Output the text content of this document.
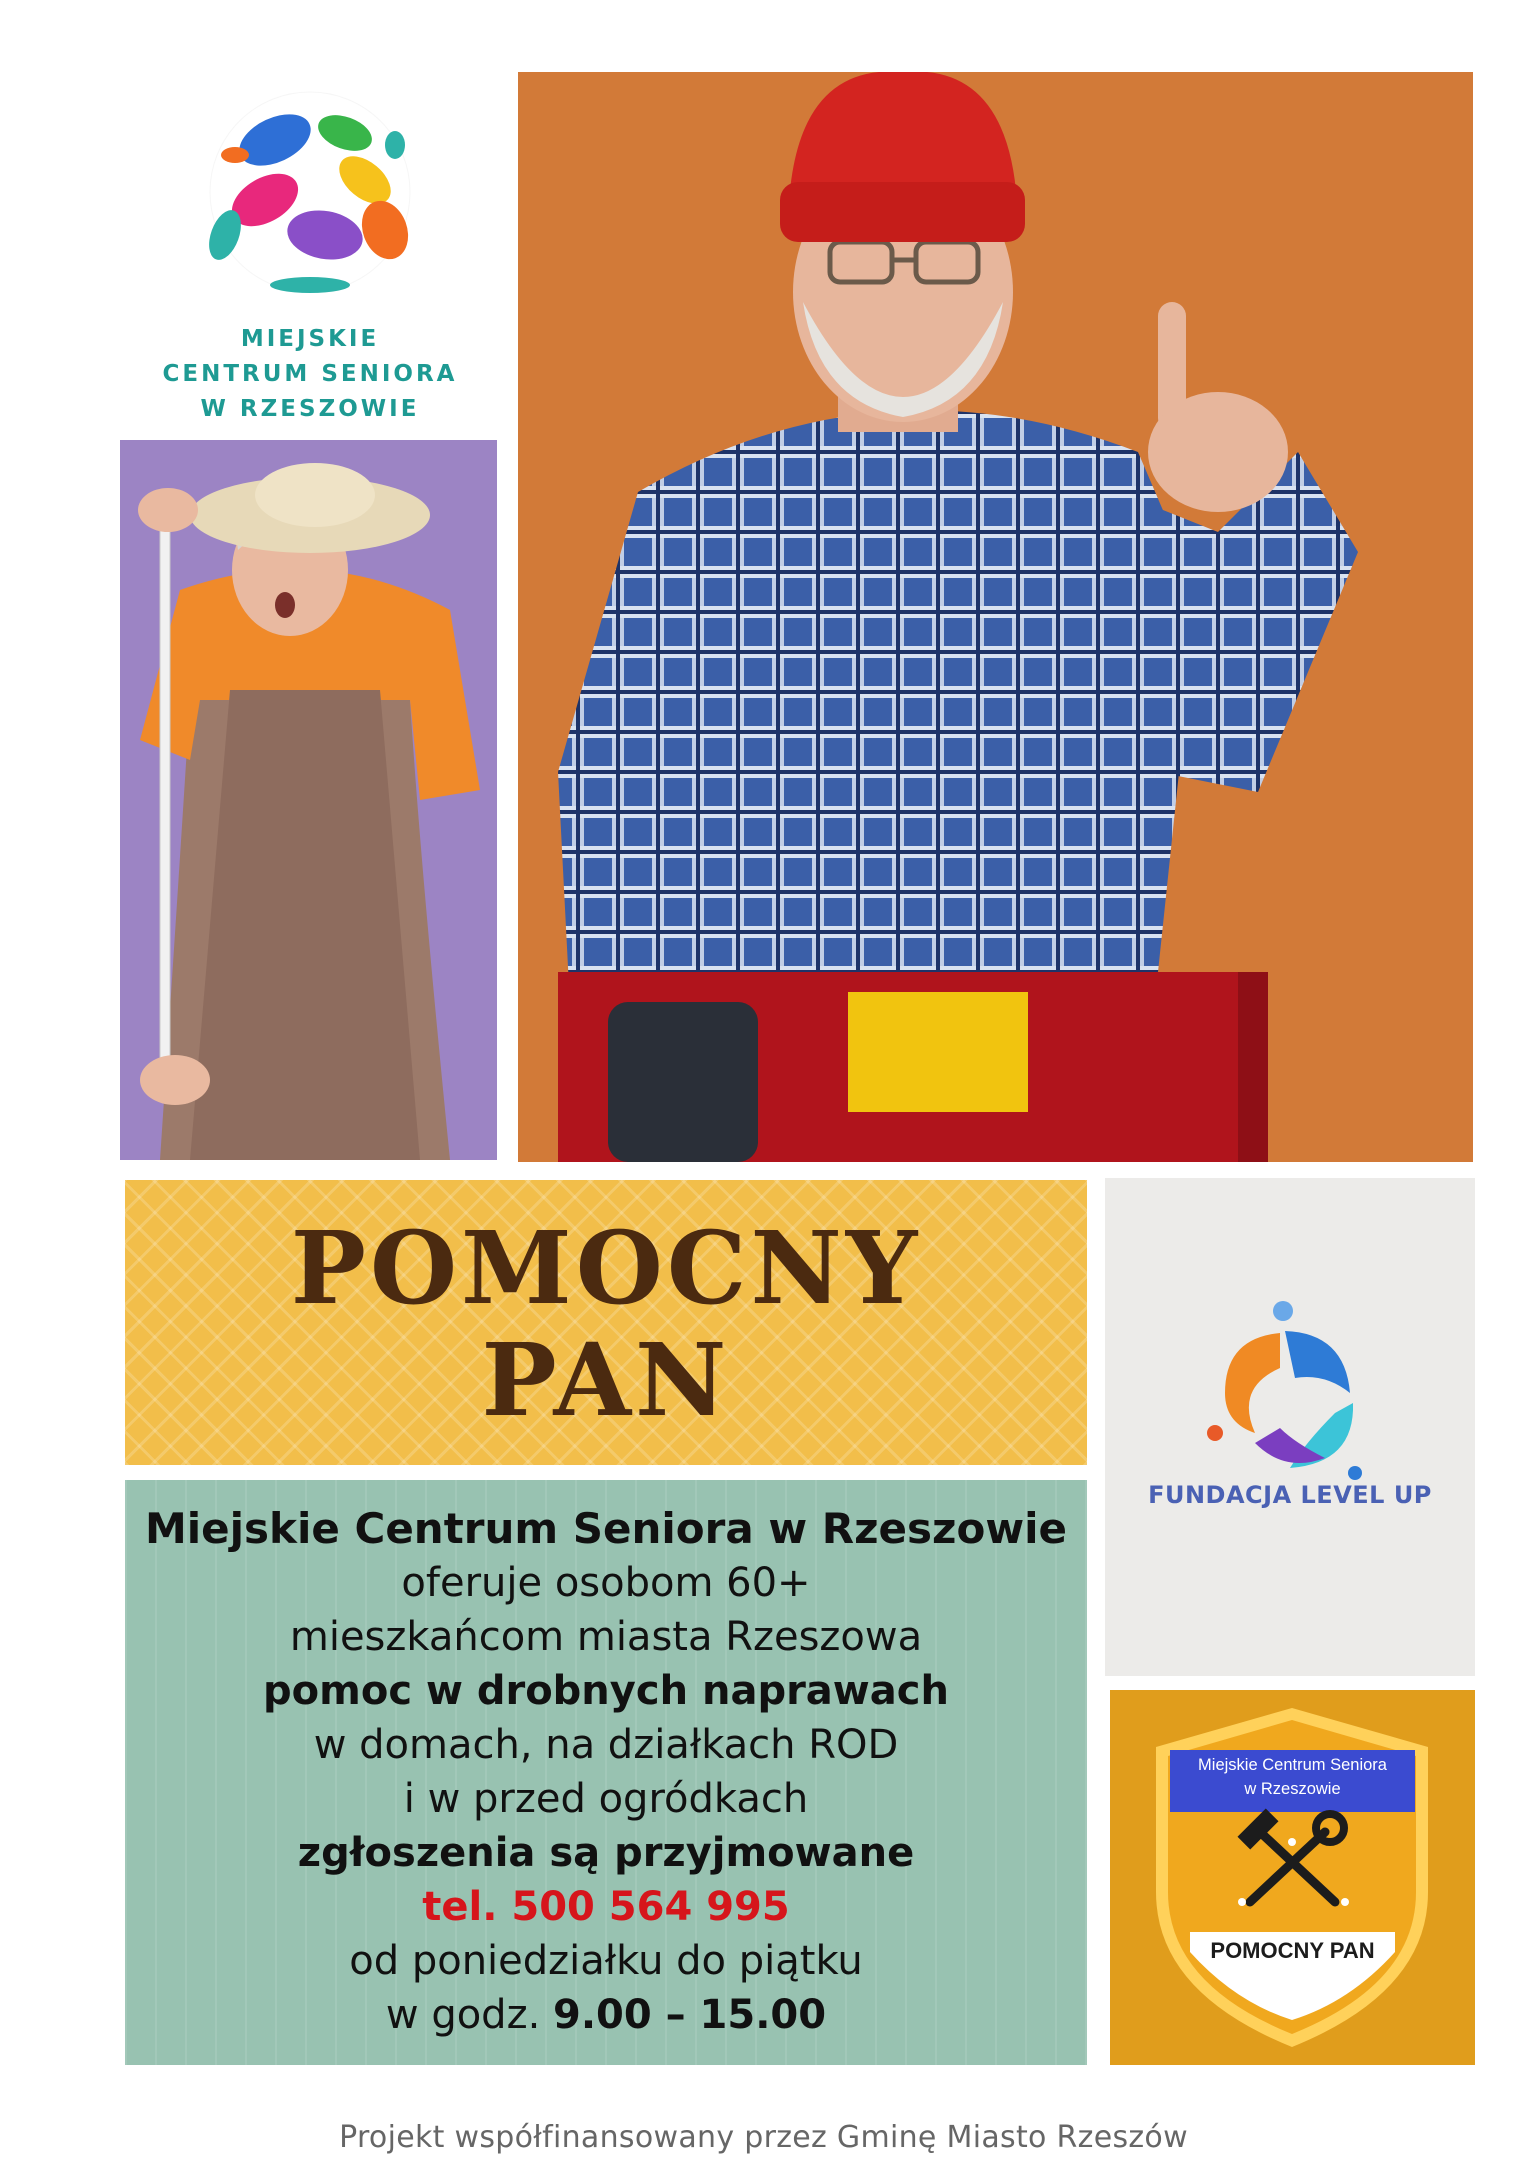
MIEJSKIE
CENTRUM SENIORA
W RZESZOWIE
POMOCNY
PAN
Miejskie Centrum Seniora w Rzeszowie
oferuje osobom 60+
mieszkańcom miasta Rzeszowa
pomoc w drobnych naprawach
w domach, na działkach ROD
i w przed ogródkach
zgłoszenia są przyjmowane
tel. 500 564 995
od poniedziałku do piątku
w godz. 9.00 – 15.00
FUNDACJA LEVEL UP
Miejskie Centrum Seniora
w Rzeszowie
POMOCNY PAN
Projekt współfinansowany przez Gminę Miasto Rzeszów
